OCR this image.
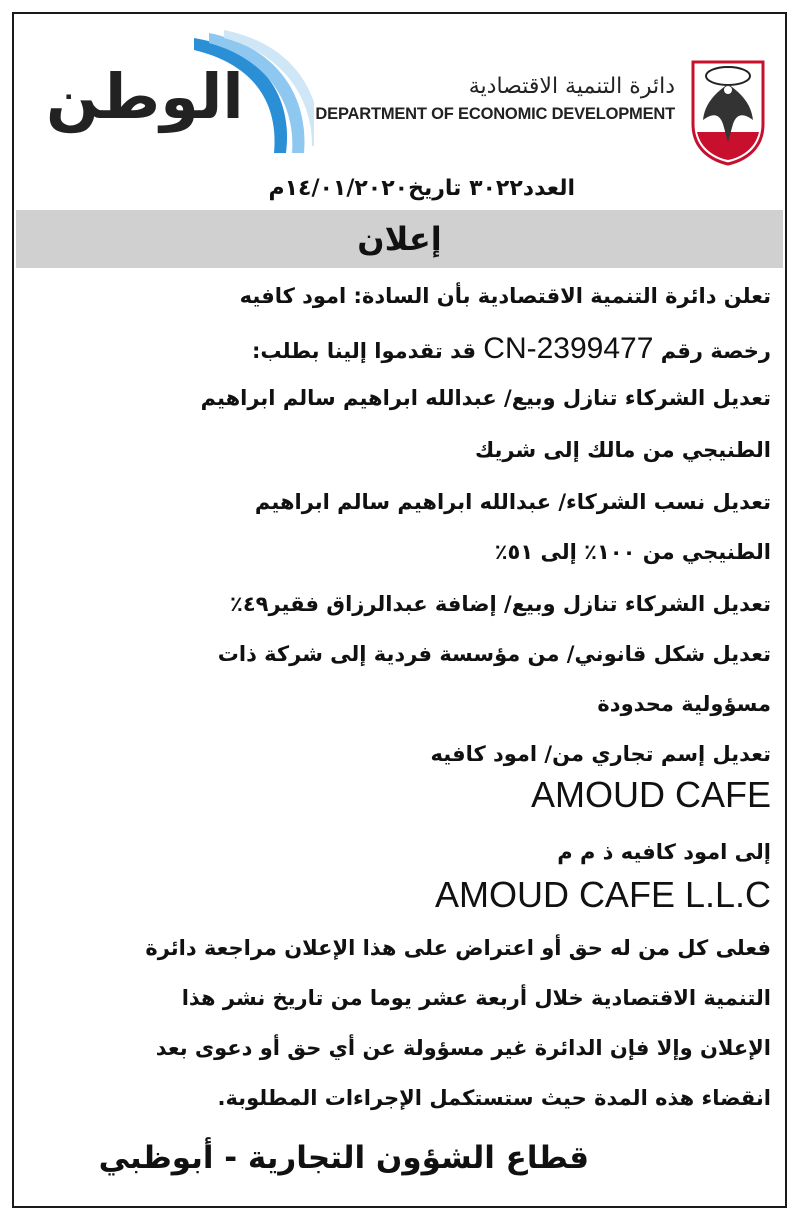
الوطن	دائرة التنمية الاقتصادية
DEPARTMENT OF ECONOMIC DEVELOPMENT
العدد٣٠٢٢ تاريخ١٤/٠١/٢٠٢٠م
إعلان
تعلن دائرة التنمية الاقتصادية بأن السادة: امود كافيه
رخصة رقم CN-2399477 قد تقدموا إلينا بطلب:
تعديل الشركاء تنازل وبيع/ عبدالله ابراهيم سالم ابراهيم
الطنيجي من مالك إلى شريك
تعديل نسب الشركاء/ عبدالله ابراهيم سالم ابراهيم
الطنيجي من ١٠٠٪ إلى ٥١٪
تعديل الشركاء تنازل وبيع/ إضافة عبدالرزاق فقير٤٩٪
تعديل شكل قانوني/ من مؤسسة فردية إلى شركة ذات
مسؤولية محدودة
تعديل إسم تجاري من/ امود كافيه
AMOUD CAFE
إلى امود كافيه ذ م م
AMOUD CAFE L.L.C
فعلى كل من له حق أو اعتراض على هذا الإعلان مراجعة دائرة
التنمية الاقتصادية خلال أربعة عشر يوما من تاريخ نشر هذا
الإعلان وإلا فإن الدائرة غير مسؤولة عن أي حق أو دعوى بعد
انقضاء هذه المدة حيث ستستكمل الإجراءات المطلوبة.
قطاع الشؤون التجارية - أبوظبي
